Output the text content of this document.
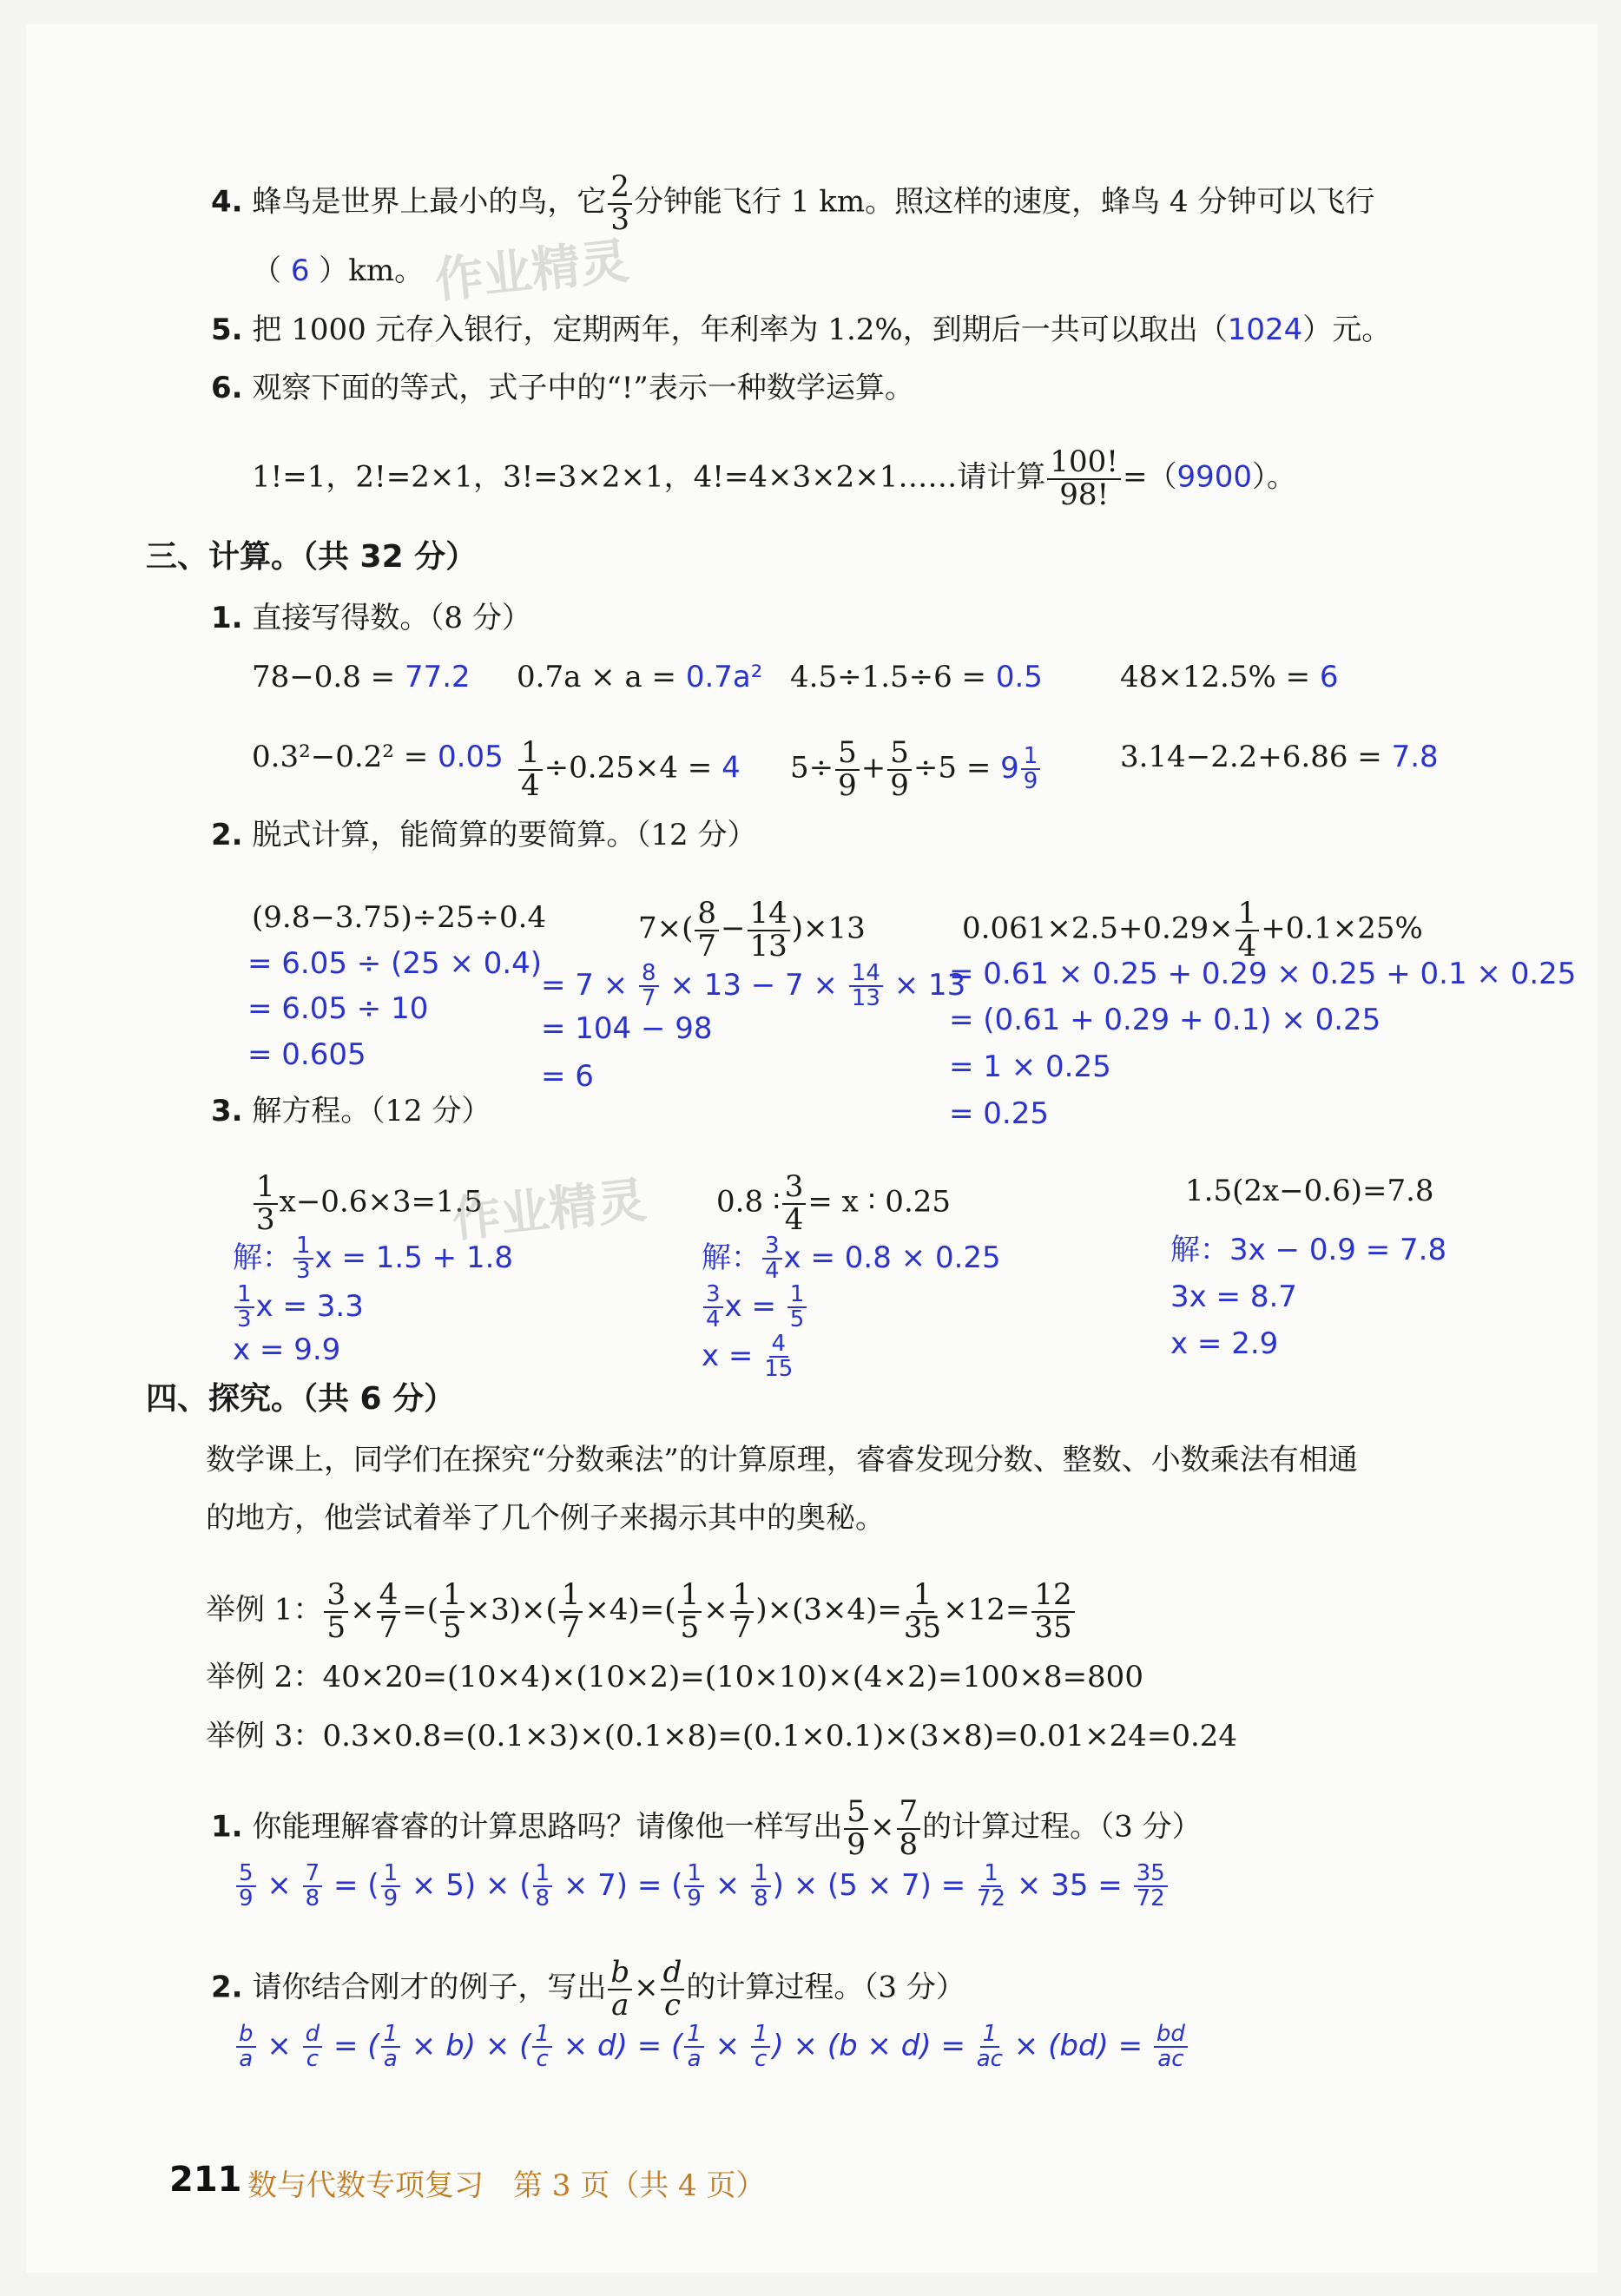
4. 蜂鸟是世界上最小的鸟，它 $\frac{2}{3}$ 分钟能飞行 1 km。照这样的速度，蜂鸟 4 分钟可以飞行
（ 6 ）km。 作业精灵
5. 把 1000 元存入银行，定期两年，年利率为 1.2%，到期后一共可以取出（1024）元。
6. 观察下面的等式，式子中的“!”表示一种数学运算。
1!=1，2!=2×1，3!=3×2×1，4!=4×3×2×1……请计算 $\frac{100!}{98!} =(9900)$。
三、计算。（共 32 分）
1. 直接写得数。（8 分）
78−0.8 = 77.2 0.7a × a = 0.7a² 4.5÷1.5÷6 = 0.5	48×12.5% = 6
$0.3^2-0.2^2 = 0.05 \frac{1}{4} \div 0.25\times 4 = 4$ $5\div \frac{5}{9} + \frac{5}{9} \div 5 = 9 \frac{1}{9}$	3.14−2.2+6.86 = 7.8
2. 脱式计算，能简算的要简算。（12 分）
(9.8−3.75)÷25÷0.4
= 6.05 ÷ (25 × 0.4)
= 6.05 ÷ 10
= 0.605
$7\times( \frac{8}{7} - \frac{14}{13} )\times 13$
= $7 \times \frac{8}{7} \times 13 - 7 \times \frac{14}{13} \times 13$
= 104 − 98
= 6
$0.061\times 2.5+0.29\times \frac{1}{4} +0.1\times 25\%$
= 0.61 × 0.25 + 0.29 × 0.25 + 0.1 × 0.25
= (0.61 + 0.29 + 0.1) × 0.25
= 1 × 0.25
= 0.25
3. 解方程。（12 分）
$\frac{1}{3} x-0.6\times 3=1.5$
作业精灵
解： $\frac{1}{3}$ x = 1.5 + 1.8
$\frac{1}{3}$ x = 3.3
x = 9.9
0.8 ∶ $\frac{3}{4} = x$ ∶ 0.25
解： $\frac{3}{4}$ x = 0.8 × 0.25
$\frac{3}{4}$ $x = \frac{1}{5}$
$x = \frac{4}{15}$
1.5(2x−0.6)=7.8
解：3x − 0.9 = 7.8
3x = 8.7
x = 2.9
四、探究。（共 6 分）
数学课上，同学们在探究“分数乘法”的计算原理，睿睿发现分数、整数、小数乘法有相通
的地方，他尝试着举了几个例子来揭示其中的奥秘。
举例 1： $\frac{3}{5} \times \frac{4}{7}$ =( $\frac{1}{5} \times 3)\times( \frac{1}{7} \times 4)=( \frac{1}{5} \times \frac{1}{7} )\times(3\times 4)= \frac{1}{35} \times 12= \frac{12}{35}$
举例 2：40×20=(10×4)×(10×2)=(10×10)×(4×2)=100×8=800
举例 3：0.3×0.8=(0.1×3)×(0.1×8)=(0.1×0.1)×(3×8)=0.01×24=0.24
1. 你能理解睿睿的计算思路吗？请像他一样写出 $\frac{5}{9} \times \frac{7}{8}$ 的计算过程。（3 分）
$\frac{5}{9} \times \frac{7}{8}$ = ( $\frac{1}{9} \times 5$) × ( $\frac{1}{8} \times 7$) = ( $\frac{1}{9} \times \frac{1}{8}$ ) × $(5 \times 7) = \frac{1}{72} \times 35 = \frac{35}{72}$
2. 请你结合刚才的例子，写出 $\frac{b}{a} \times \frac{d}{c}$ 的计算过程。（3 分）
$\frac{b}{a} \times \frac{d}{c}$ = ( $\frac{1}{a} \times b$) × ( $\frac{1}{c} \times d$) = ( $\frac{1}{a} \times \frac{1}{c}$ ) × $(b \times d) = \frac{1}{ac} \times (bd) = \frac{bd}{ac}$
211 数与代数专项复习　第 3 页（共 4 页）
